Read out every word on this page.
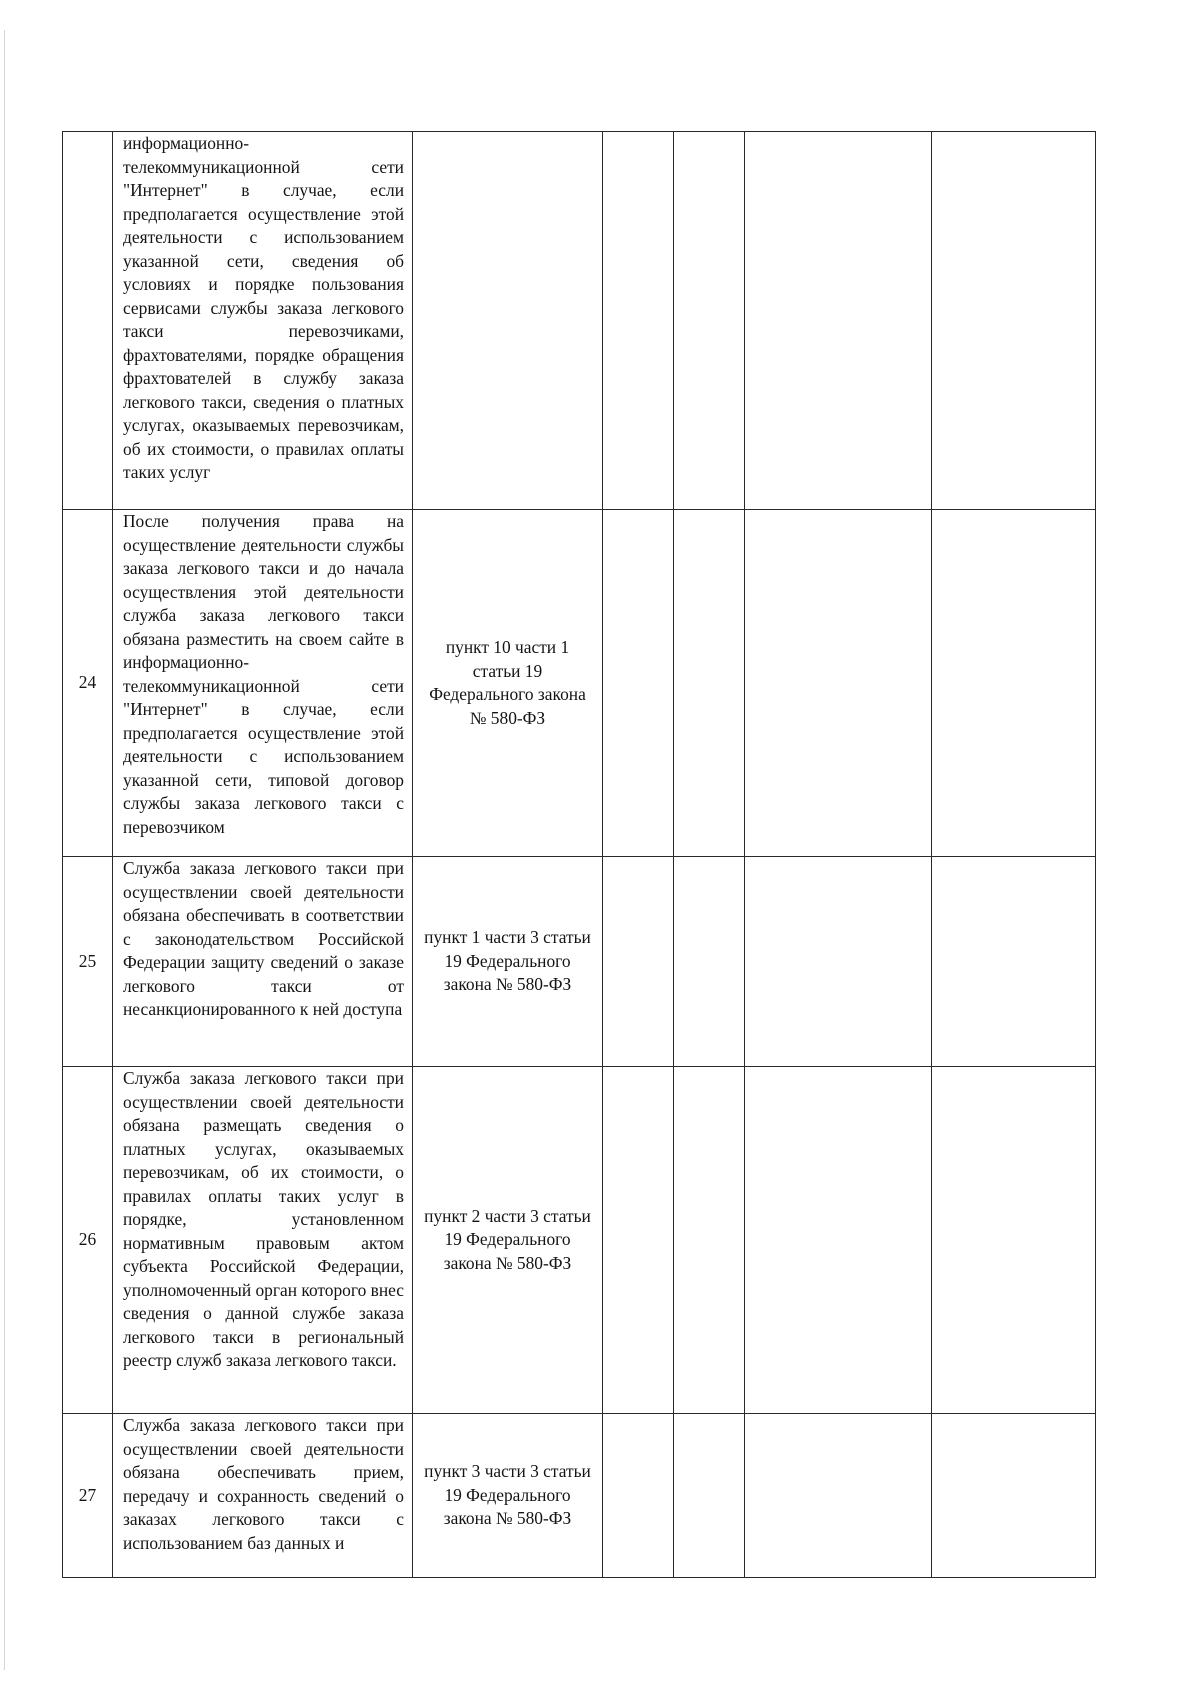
	информационно-телекоммуникационной сети "Интернет" в случае, если предполагается осуществление этой деятельности с использованием указанной сети, сведения об условиях и порядке пользования сервисами службы заказа легкового такси перевозчиками, фрахтователями, порядке обращения фрахтователей в службу заказа легкового такси, сведения о платных услугах, оказываемых перевозчикам, об их стоимости, о правилах оплаты таких услуг					
24	После получения права на осуществление деятельности службы заказа легкового такси и до начала осуществления этой деятельности служба заказа легкового такси обязана разместить на своем сайте в информационно-телекоммуникационной сети "Интернет" в случае, если предполагается осуществление этой деятельности с использованием указанной сети, типовой договор службы заказа легкового такси с перевозчиком	пункт 10 части 1 статьи 19 Федерального закона № 580-ФЗ				
25	Служба заказа легкового такси при осуществлении своей деятельности обязана обеспечивать в соответствии с законодательством Российской Федерации защиту сведений о заказе легкового такси от несанкционированного к ней доступа	пункт 1 части 3 статьи 19 Федерального закона № 580-ФЗ				
26	Служба заказа легкового такси при осуществлении своей деятельности обязана размещать сведения о платных услугах, оказываемых перевозчикам, об их стоимости, о правилах оплаты таких услуг в порядке, установленном нормативным правовым актом субъекта Российской Федерации, уполномоченный орган которого внес сведения о данной службе заказа легкового такси в региональный реестр служб заказа легкового такси.	пункт 2 части 3 статьи 19 Федерального закона № 580-ФЗ				
27	Служба заказа легкового такси при осуществлении своей деятельности обязана обеспечивать прием, передачу и сохранность сведений о заказах легкового такси с использованием баз данных и	пункт 3 части 3 статьи 19 Федерального закона № 580-ФЗ				
